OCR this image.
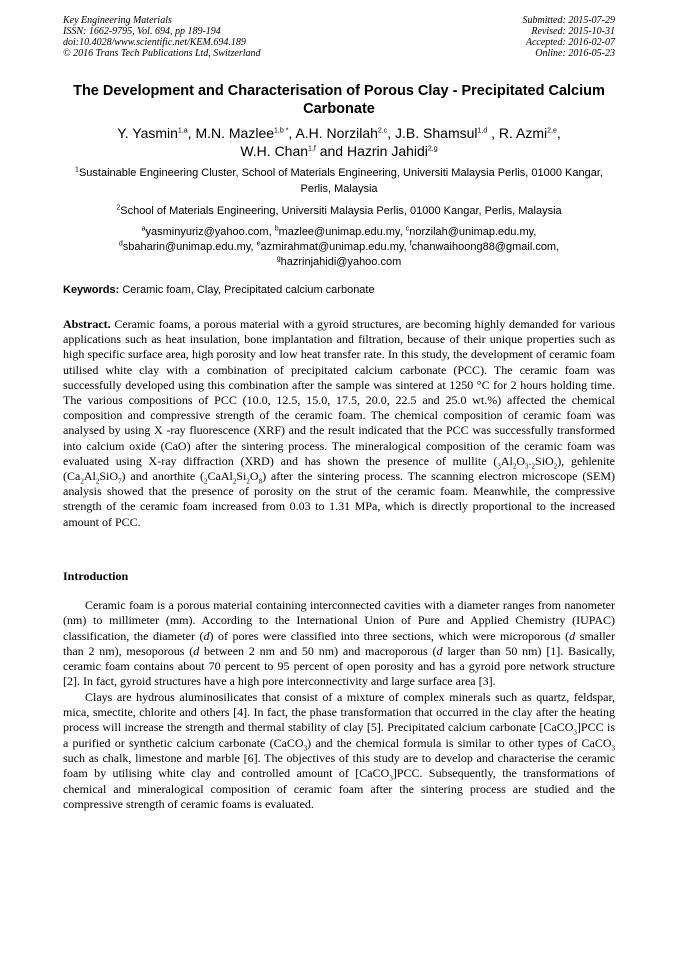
Key Engineering Materials
ISSN: 1662-9795, Vol. 694, pp 189-194
doi:10.4028/www.scientific.net/KEM.694.189
© 2016 Trans Tech Publications Ltd, Switzerland
Submitted: 2015-07-29
Revised: 2015-10-31
Accepted: 2016-02-07
Online: 2016-05-23
The Development and Characterisation of Porous Clay - Precipitated Calcium Carbonate
Y. Yasmin$^{1,a}$, M.N. Mazlee$^{1,b *}$, A.H. Norzilah$^{2,c}$, J.B. Shamsul$^{1,d}$ , R. Azmi$^{2,e}$,
W.H. Chan$^{1,f}$ and Hazrin Jahidi$^{2,g}$
$^1$Sustainable Engineering Cluster, School of Materials Engineering, Universiti Malaysia Perlis, 01000 Kangar, Perlis, Malaysia
$^2$School of Materials Engineering, Universiti Malaysia Perlis, 01000 Kangar, Perlis, Malaysia
$^a$yasminyuriz@yahoo.com, $^b$mazlee@unimap.edu.my, $^c$norzilah@unimap.edu.my,
$^d$sbaharin@unimap.edu.my, $^e$azmirahmat@unimap.edu.my, $^f$chanwaihoong88@gmail.com,
$^g$hazrinjahidi@yahoo.com
Keywords: Ceramic foam, Clay, Precipitated calcium carbonate
Abstract. Ceramic foams, a porous material with a gyroid structures, are becoming highly demanded for various applications such as heat insulation, bone implantation and filtration, because of their unique properties such as high specific surface area, high porosity and low heat transfer rate. In this study, the development of ceramic foam utilised white clay with a combination of precipitated calcium carbonate (PCC). The ceramic foam was successfully developed using this combination after the sample was sintered at 1250 °C for 2 hours holding time. The various compositions of PCC (10.0, 12.5, 15.0, 17.5, 20.0, 22.5 and 25.0 wt.%) affected the chemical composition and compressive strength of the ceramic foam. The chemical composition of ceramic foam was analysed by using X -ray fluorescence (XRF) and the result indicated that the PCC was successfully transformed into calcium oxide (CaO) after the sintering process. The mineralogical composition of the ceramic foam was evaluated using X-ray diffraction (XRD) and has shown the presence of mullite $(_3Al_2O_3._2SiO_2)$, gehlenite $(Ca_2Al_2SiO_7)$ and anorthite $(_2CaAl_2Si_2O_8)$ after the sintering process. The scanning electron microscope (SEM) analysis showed that the presence of porosity on the strut of the ceramic foam. Meanwhile, the compressive strength of the ceramic foam increased from 0.03 to 1.31 MPa, which is directly proportional to the increased amount of PCC.
Introduction

Ceramic foam is a porous material containing interconnected cavities with a diameter ranges from nanometer (nm) to millimeter (mm). According to the International Union of Pure and Applied Chemistry (IUPAC) classification, the diameter (d) of pores were classified into three sections, which were microporous (d smaller than 2 nm), mesoporous (d between 2 nm and 50 nm) and macroporous (d larger than 50 nm) [1]. Basically, ceramic foam contains about 70 percent to 95 percent of open porosity and has a gyroid pore network structure [2]. In fact, gyroid structures have a high pore interconnectivity and large surface area [3].

Clays are hydrous aluminosilicates that consist of a mixture of complex minerals such as quartz, feldspar, mica, smectite, chlorite and others [4]. In fact, the phase transformation that occurred in the clay after the heating process will increase the strength and thermal stability of clay [5]. Precipitated calcium carbonate [CaCO$_3$]PCC is a purified or synthetic calcium carbonate (CaCO$_3$) and the chemical formula is similar to other types of CaCO$_3$ such as chalk, limestone and marble [6]. The objectives of this study are to develop and characterise the ceramic foam by utilising white clay and controlled amount of [CaCO$_3$]PCC. Subsequently, the transformations of chemical and mineralogical composition of ceramic foam after the sintering process are studied and the compressive strength of ceramic foams is evaluated.
